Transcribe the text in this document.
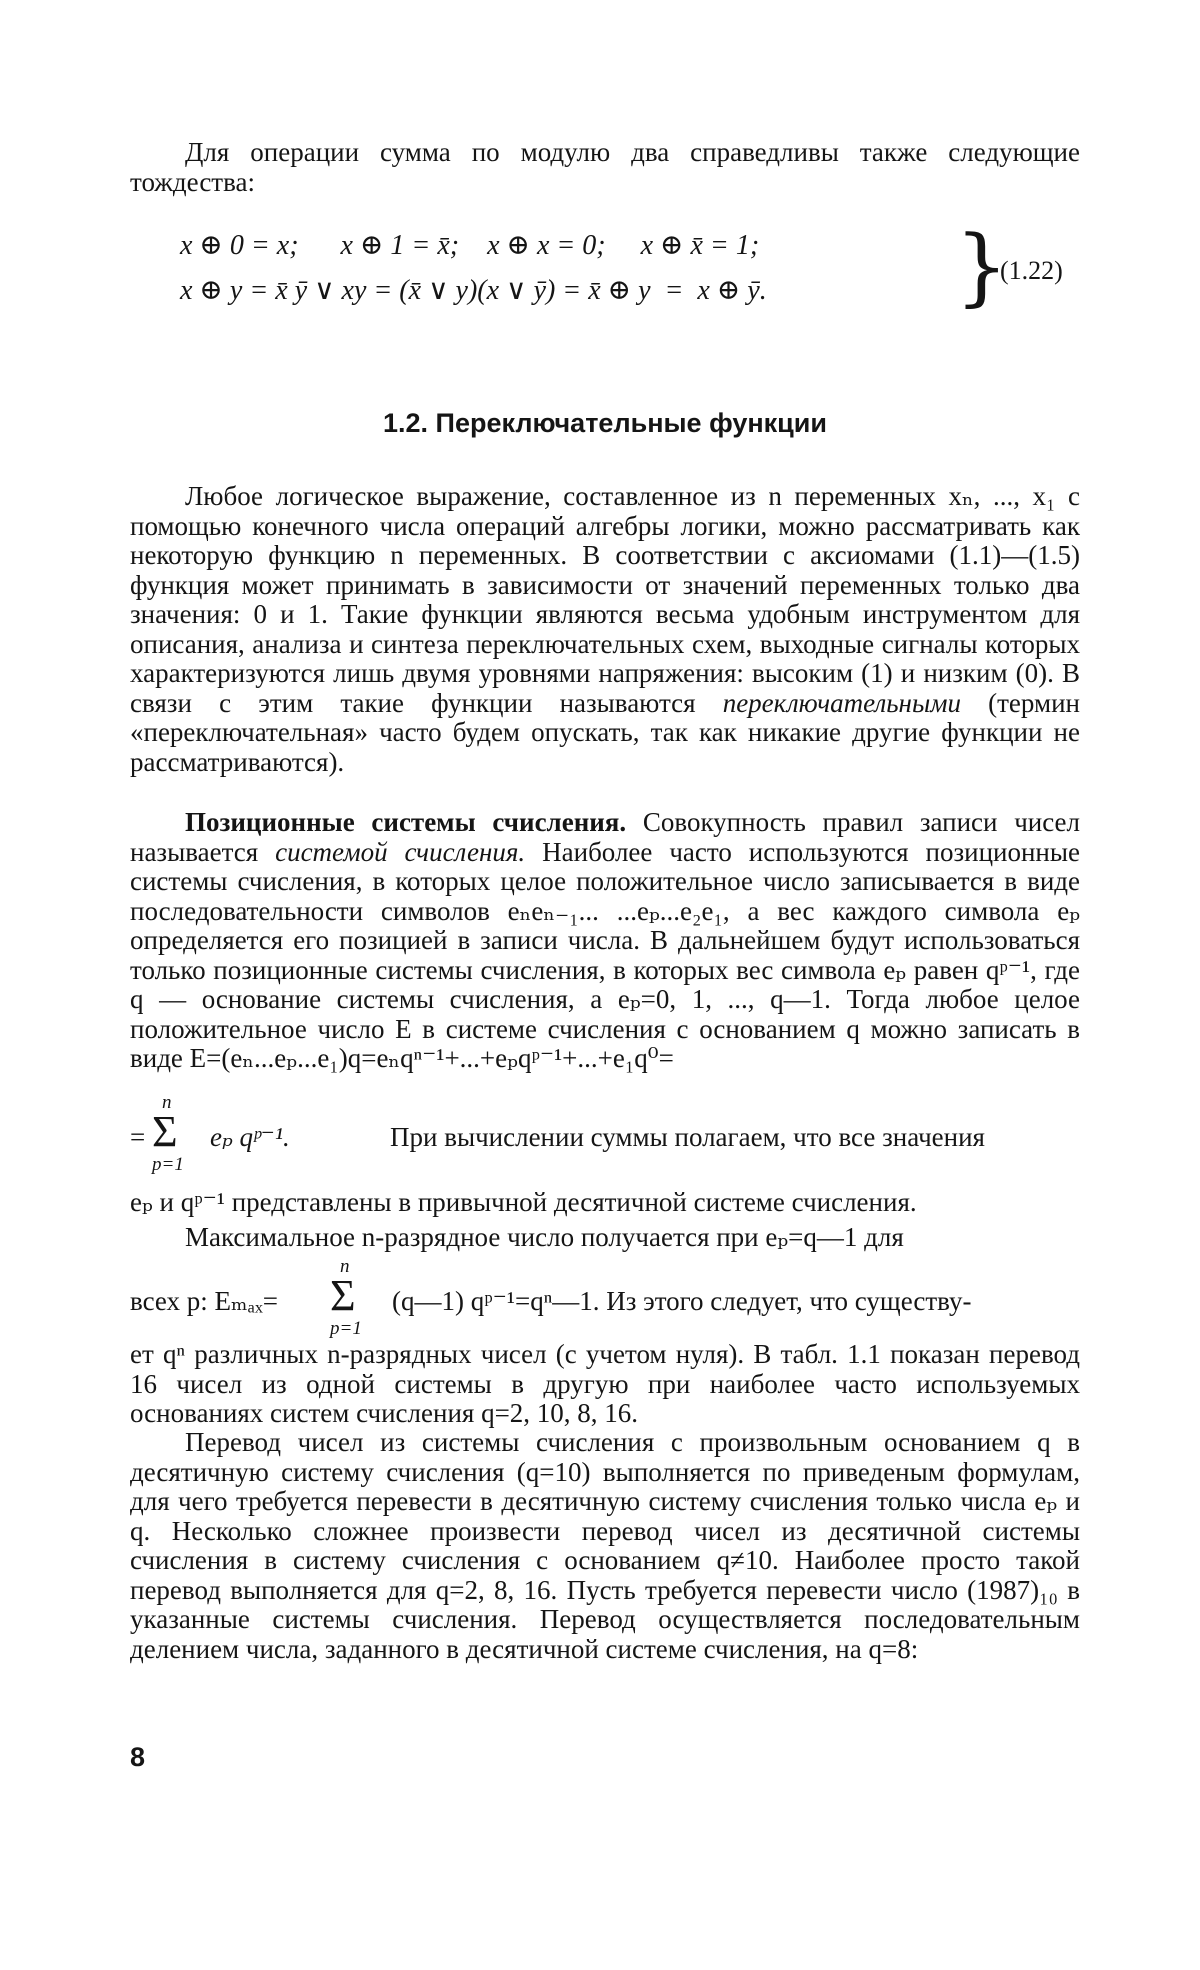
Для операции сумма по модулю два справедливы также следующие тождества:

x ⊕ 0 = x;      x ⊕ 1 = x̄;    x ⊕ x = 0;     x ⊕ x̄ = 1;
x ⊕ y = x̄ ȳ ∨ xy = (x̄ ∨ y)(x ∨ ȳ) = x̄ ⊕ y  =  x ⊕ ȳ. }
(1.22)
1.2. Переключательные функции

Любое логическое выражение, составленное из n переменных xₙ, ..., x₁ с помощью конечного числа операций алгебры логики, можно рассматривать как некоторую функцию n переменных. В соответствии с аксиомами (1.1)—(1.5) функция может принимать в зависимости от значений переменных только два значения: 0 и 1. Такие функции являются весьма удобным инструментом для описания, анализа и синтеза переключательных схем, выходные сигналы которых характеризуются лишь двумя уровнями напряжения: высоким (1) и низким (0). В связи с этим такие функции называются переключательными (термин «переключательная» часто будем опускать, так как никакие другие функции не рассматриваются).

Позиционные системы счисления. Совокупность правил записи чисел называется системой счисления. Наиболее часто используются позиционные системы счисления, в которых целое положительное число записывается в виде последовательности символов eₙeₙ₋₁... ...eₚ...e₂e₁, а вес каждого символа eₚ определяется его позицией в записи числа. В дальнейшем будут использоваться только позиционные системы счисления, в которых вес символа eₚ равен qᵖ⁻¹, где q — основание системы счисления, а eₚ=0, 1, ..., q—1. Тогда любое целое положительное число E в системе счисления с основанием q можно записать в виде E=(eₙ...eₚ...e₁)q=eₙqⁿ⁻¹+...+eₚqᵖ⁻¹+...+e₁q⁰=

=
n
Σ
p=1
eₚ qᵖ⁻¹.	При вычислении суммы полагаем, что все значения

eₚ и qᵖ⁻¹ представлены в привычной десятичной системе счисления.

Максимальное n-разрядное число получается при eₚ=q—1 для

всех p: Eₘₐₓ=
n
Σ
p=1
(q—1) qᵖ⁻¹=qⁿ—1. Из этого следует, что существу-

ет qⁿ различных n-разрядных чисел (с учетом нуля). В табл. 1.1 показан перевод 16 чисел из одной системы в другую при наиболее часто используемых основаниях систем счисления q=2, 10, 8, 16.

Перевод чисел из системы счисления с произвольным основанием q в десятичную систему счисления (q=10) выполняется по приведеным формулам, для чего требуется перевести в десятичную систему счисления только числа eₚ и q. Несколько сложнее произвести перевод чисел из десятичной системы счисления в систему счисления с основанием q≠10. Наиболее просто такой перевод выполняется для q=2, 8, 16. Пусть требуется перевести число (1987)₁₀ в указанные системы счисления. Перевод осуществляется последовательным делением числа, заданного в десятичной системе счисления, на q=8:

8
